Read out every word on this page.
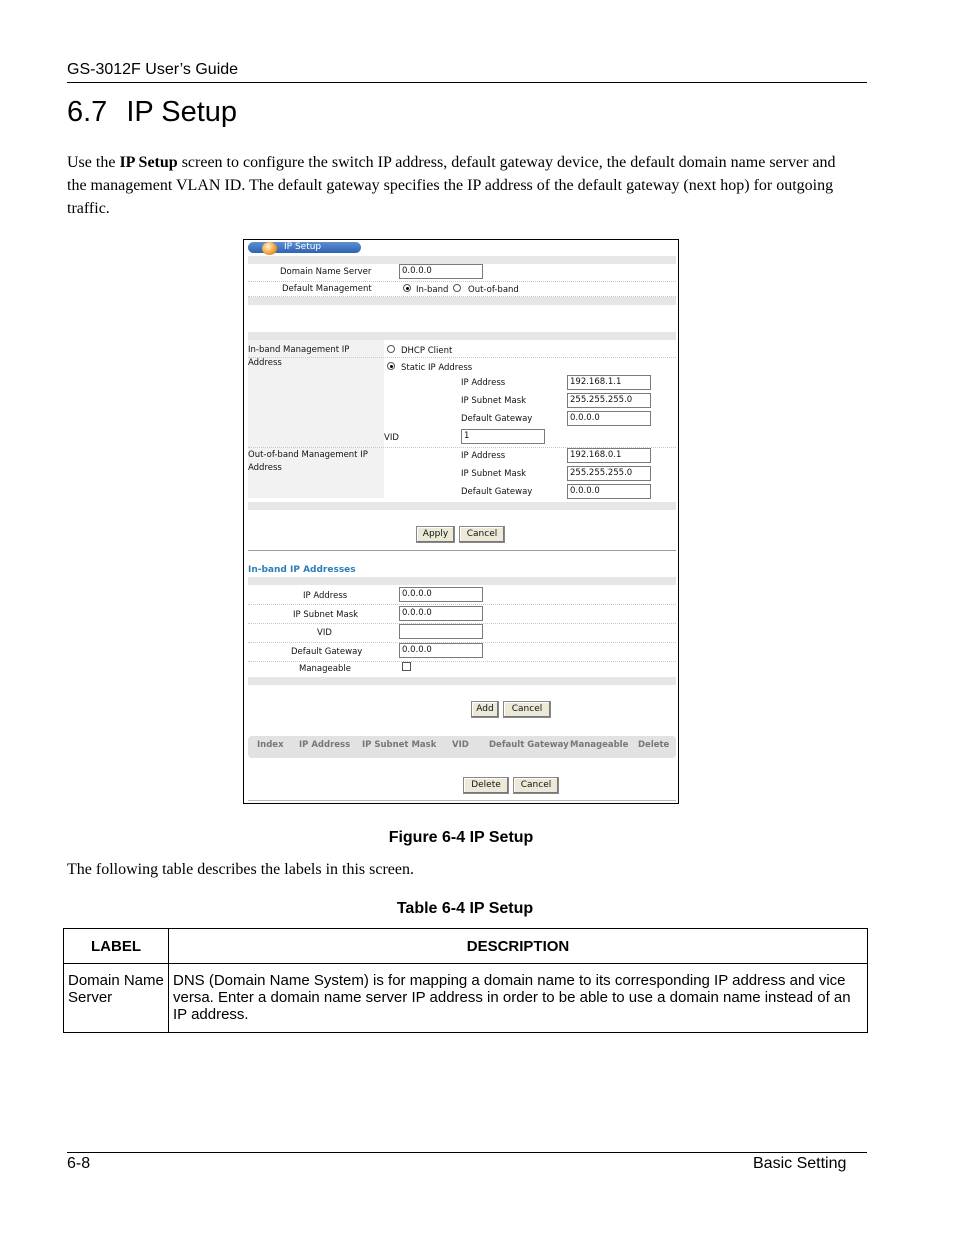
GS-3012F User’s Guide
6.7 IP Setup

Use the IP Setup screen to configure the switch IP address, default gateway device, the default domain name server and the management VLAN ID. The default gateway specifies the IP address of the default gateway (next hop) for outgoing traffic.

IP Setup
Domain Name Server	0.0.0.0
Default Management	In-band Out-of-band
In-band Management IP Address
DHCP Client
Static IP Address
IP Address	192.168.1.1
IP Subnet Mask	255.255.255.0
Default Gateway	0.0.0.0
VID	1
Out-of-band Management IP Address
IP Address	192.168.0.1
IP Subnet Mask	255.255.255.0
Default Gateway	0.0.0.0
Apply	Cancel
In-band IP Addresses
IP Address	0.0.0.0
IP Subnet Mask	0.0.0.0
VID
Default Gateway	0.0.0.0
Manageable
Add	Cancel
Index IP Address IP Subnet Mask VID Default Gateway Manageable Delete
Delete	Cancel
Figure 6-4 IP Setup
The following table describes the labels in this screen.
Table 6-4 IP Setup
LABEL	DESCRIPTION
Domain Name Server	DNS (Domain Name System) is for mapping a domain name to its corresponding IP address and vice versa. Enter a domain name server IP address in order to be able to use a domain name instead of an IP address.
6-8	Basic Setting
